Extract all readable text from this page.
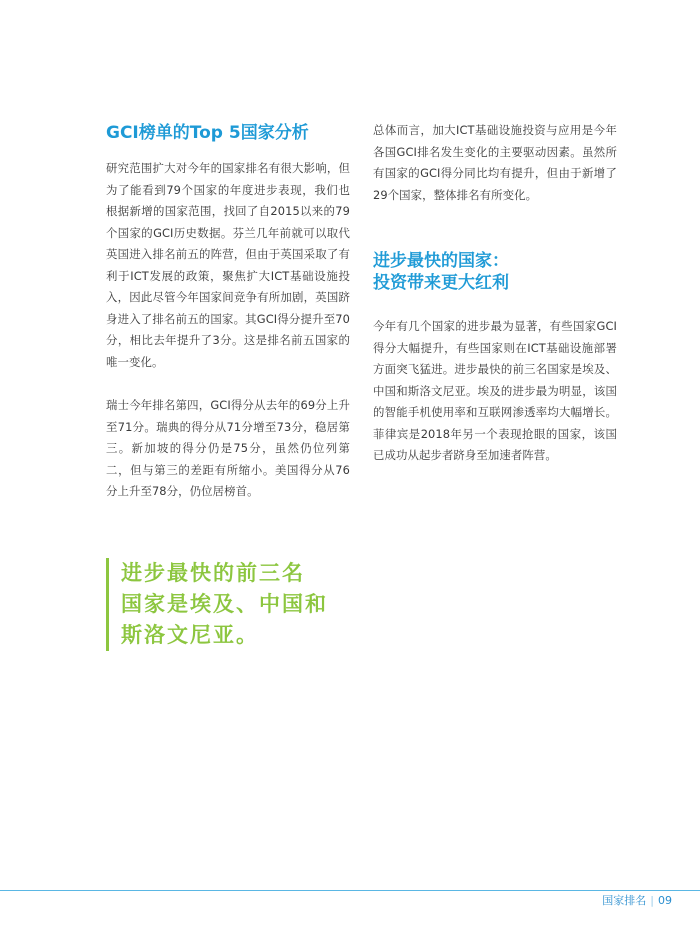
GCI榜单的Top 5国家分析

研究范围扩大对今年的国家排名有很大影响，但为了能看到79个国家的年度进步表现，我们也根据新增的国家范围，找回了自2015以来的79个国家的GCI历史数据。芬兰几年前就可以取代英国进入排名前五的阵营，但由于英国采取了有利于ICT发展的政策，聚焦扩大ICT基础设施投入，因此尽管今年国家间竞争有所加剧，英国跻身进入了排名前五的国家。其GCI得分提升至70分，相比去年提升了3分。这是排名前五国家的唯一变化。

瑞士今年排名第四，GCI得分从去年的69分上升至71分。瑞典的得分从71分增至73分，稳居第三。新加坡的得分仍是75分，虽然仍位列第二，但与第三的差距有所缩小。美国得分从76分上升至78分，仍位居榜首。

总体而言，加大ICT基础设施投资与应用是今年各国GCI排名发生变化的主要驱动因素。虽然所有国家的GCI得分同比均有提升，但由于新增了29个国家，整体排名有所变化。

进步最快的国家：
投资带来更大红利

今年有几个国家的进步最为显著，有些国家GCI得分大幅提升，有些国家则在ICT基础设施部署方面突飞猛进。进步最快的前三名国家是埃及、中国和斯洛文尼亚。埃及的进步最为明显，该国的智能手机使用率和互联网渗透率均大幅增长。菲律宾是2018年另一个表现抢眼的国家，该国已成功从起步者跻身至加速者阵营。

进步最快的前三名
国家是埃及、中国和
斯洛文尼亚。
国家排名 | 09
